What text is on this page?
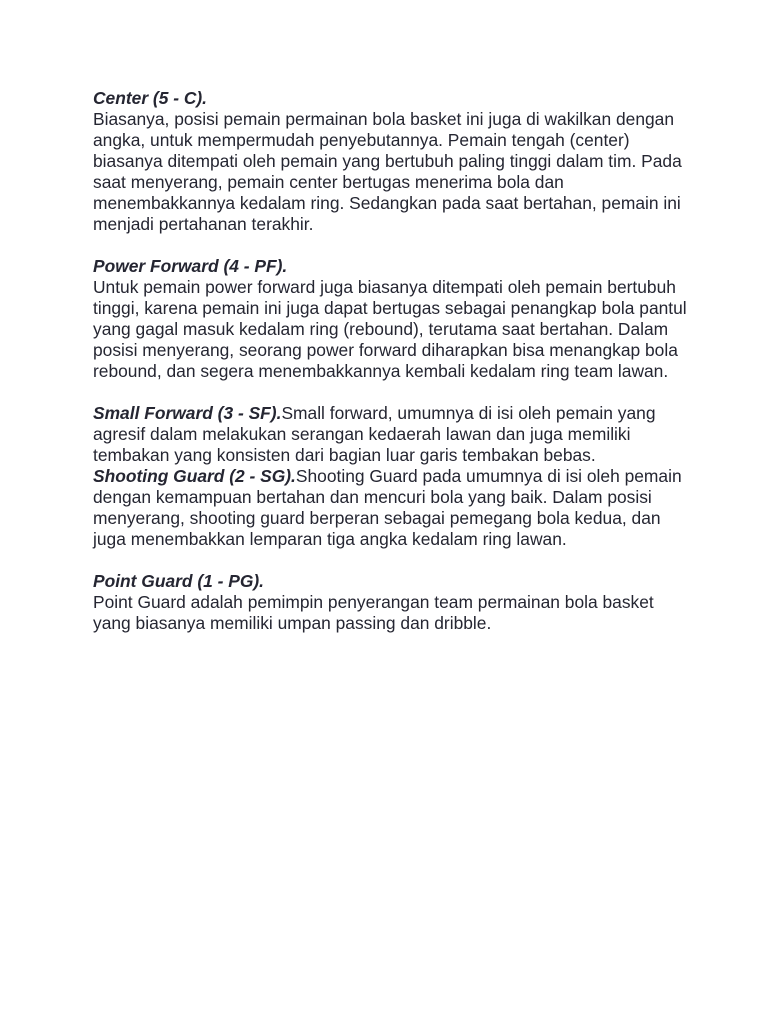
Center (5 - C).

Biasanya, posisi pemain permainan bola basket ini juga di wakilkan dengan angka, untuk mempermudah penyebutannya. Pemain tengah (center) biasanya ditempati oleh pemain yang bertubuh paling tinggi dalam tim. Pada saat menyerang, pemain center bertugas menerima bola dan menembakkannya kedalam ring. Sedangkan pada saat bertahan, pemain ini menjadi pertahanan terakhir.

Power Forward (4 - PF).

Untuk pemain power forward juga biasanya ditempati oleh pemain bertubuh tinggi, karena pemain ini juga dapat bertugas sebagai penangkap bola pantul yang gagal masuk kedalam ring (rebound), terutama saat bertahan. Dalam posisi menyerang, seorang power forward diharapkan bisa menangkap bola rebound, dan segera menembakkannya kembali kedalam ring team lawan.

Small Forward (3 - SF).Small forward, umumnya di isi oleh pemain yang agresif dalam melakukan serangan kedaerah lawan dan juga memiliki tembakan yang konsisten dari bagian luar garis tembakan bebas.

Shooting Guard (2 - SG).Shooting Guard pada umumnya di isi oleh pemain dengan kemampuan bertahan dan mencuri bola yang baik. Dalam posisi menyerang, shooting guard berperan sebagai pemegang bola kedua, dan juga menembakkan lemparan tiga angka kedalam ring lawan.

Point Guard (1 - PG).

Point Guard adalah pemimpin penyerangan team permainan bola basket yang biasanya memiliki umpan passing dan dribble.
